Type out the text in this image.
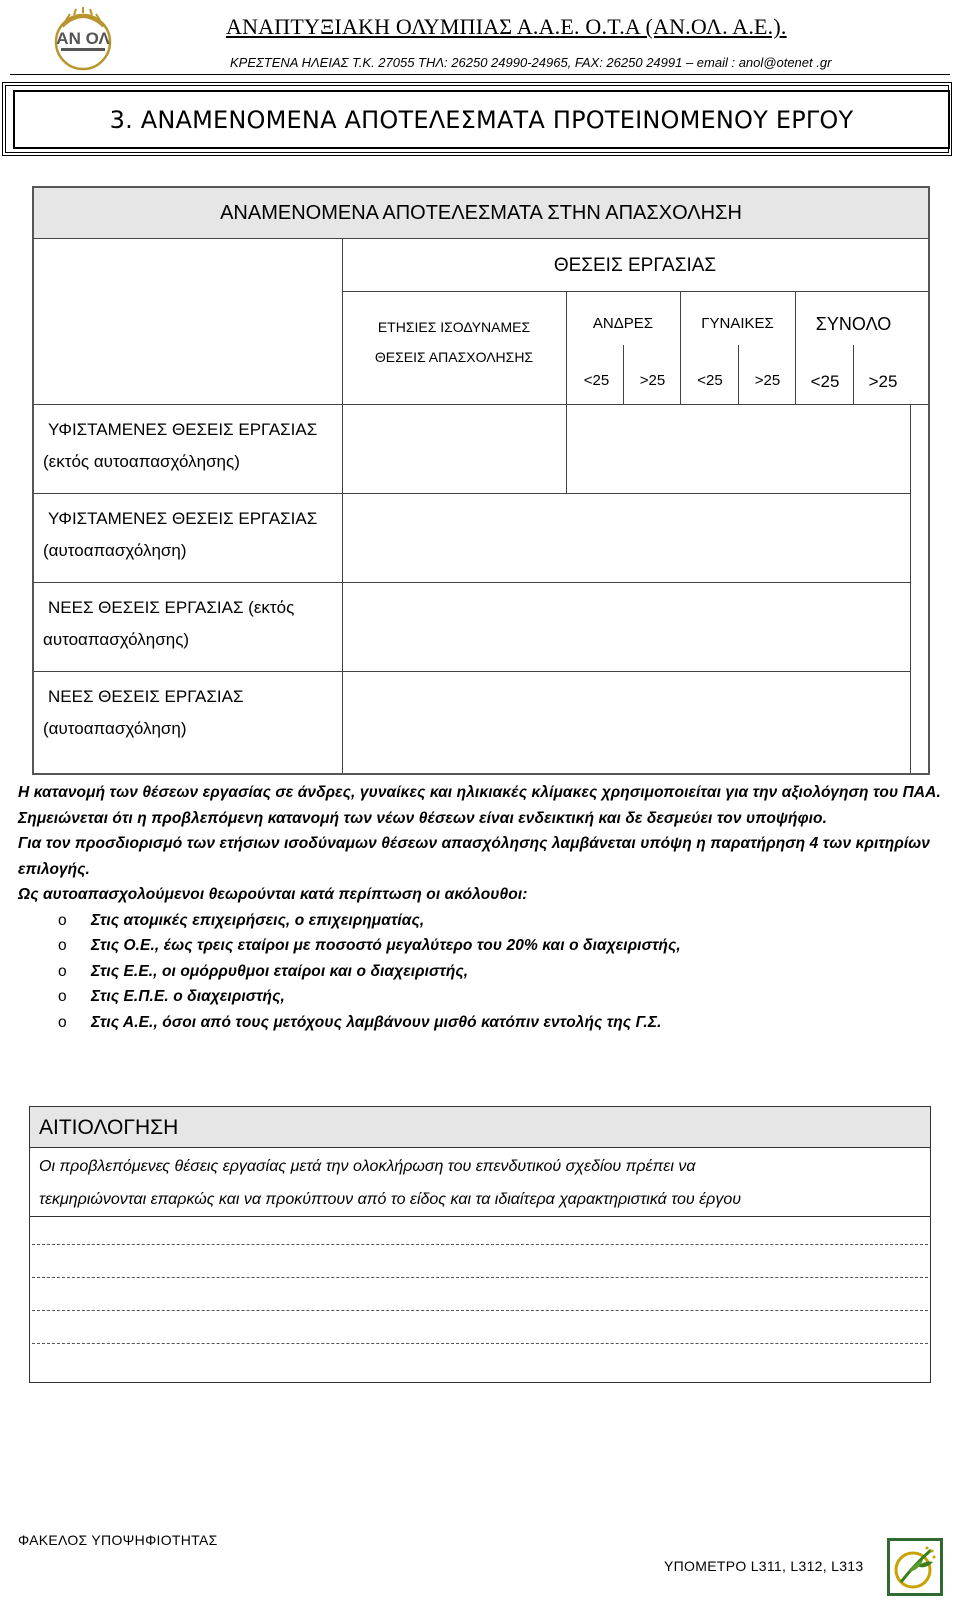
ΑΝ ΟΛ	ΑΝΑΠΤΥΞΙΑΚΗ ΟΛΥΜΠΙΑΣ Α.Α.Ε. Ο.Τ.Α (ΑΝ.ΟΛ. Α.Ε.).
ΚΡΕΣΤΕΝΑ ΗΛΕΙΑΣ Τ.Κ. 27055 ΤΗΛ: 26250 24990-24965, FAX: 26250 24991 – email : anol@otenet .gr
3. ΑΝΑΜΕΝΟΜΕΝΑ ΑΠΟΤΕΛΕΣΜΑΤΑ ΠΡΟΤΕΙΝΟΜΕΝΟΥ ΕΡΓΟΥ
ΑΝΑΜΕΝΟΜΕΝΑ ΑΠΟΤΕΛΕΣΜΑΤΑ ΣΤΗΝ ΑΠΑΣΧΟΛΗΣΗ
ΘΕΣΕΙΣ ΕΡΓΑΣΙΑΣ
ΕΤΗΣΙΕΣ ΙΣΟΔΥΝΑΜΕΣ
ΘΕΣΕΙΣ ΑΠΑΣΧΟΛΗΣΗΣ
ΑΝΔΡΕΣ	ΓΥΝΑΙΚΕΣ	ΣΥΝΟΛΟ
<25	>25	<25	>25	<25	>25
ΥΦΙΣΤΑΜΕΝΕΣ ΘΕΣΕΙΣ ΕΡΓΑΣΙΑΣ
(εκτός αυτοαπασχόλησης)
ΥΦΙΣΤΑΜΕΝΕΣ ΘΕΣΕΙΣ ΕΡΓΑΣΙΑΣ
(αυτοαπασχόληση)
ΝΕΕΣ ΘΕΣΕΙΣ ΕΡΓΑΣΙΑΣ (εκτός
αυτοαπασχόλησης)
ΝΕΕΣ ΘΕΣΕΙΣ ΕΡΓΑΣΙΑΣ
(αυτοαπασχόληση)

Η κατανομή των θέσεων εργασίας σε άνδρες, γυναίκες και ηλικιακές κλίμακες χρησιμοποιείται για την αξιολόγηση του ΠΑΑ. Σημειώνεται ότι η προβλεπόμενη κατανομή των νέων θέσεων είναι ενδεικτική και δε δεσμεύει τον υποψήφιο.

Για τον προσδιορισμό των ετήσιων ισοδύναμων θέσεων απασχόλησης λαμβάνεται υπόψη η παρατήρηση 4 των κριτηρίων επιλογής.

Ως αυτοαπασχολούμενοι θεωρούνται κατά περίπτωση οι ακόλουθοι:

o Στις ατομικές επιχειρήσεις, ο επιχειρηματίας,
o Στις Ο.Ε., έως τρεις εταίροι με ποσοστό μεγαλύτερο του 20% και ο διαχειριστής,
o Στις Ε.Ε., οι ομόρρυθμοι εταίροι και ο διαχειριστής,
o Στις Ε.Π.Ε. ο διαχειριστής,
o Στις Α.Ε., όσοι από τους μετόχους λαμβάνουν μισθό κατόπιν εντολής της Γ.Σ.
ΑΙΤΙΟΛΟΓΗΣΗ
Οι προβλεπόμενες θέσεις εργασίας μετά την ολοκλήρωση του επενδυτικού σχεδίου πρέπει να
τεκμηριώνονται επαρκώς και να προκύπτουν από το είδος και τα ιδιαίτερα χαρακτηριστικά του έργου
ΦΑΚΕΛΟΣ ΥΠΟΨΗΦΙΟΤΗΤΑΣ
ΥΠΟΜΕΤΡΟ L311, L312, L313
